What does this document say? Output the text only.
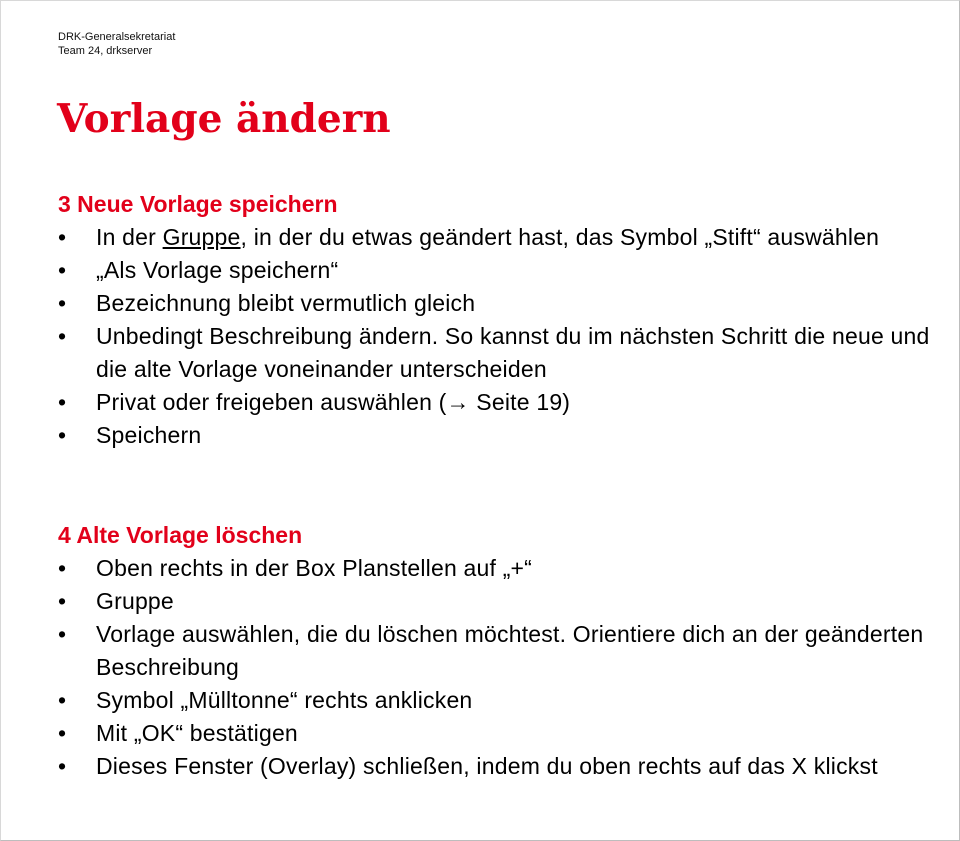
DRK-Generalsekretariat
Team 24, drkserver
Vorlage ändern
3 Neue Vorlage speichern
•	In der Gruppe, in der du etwas geändert hast, das Symbol „Stift“ auswählen
•	„Als Vorlage speichern“
•	Bezeichnung bleibt vermutlich gleich
•	Unbedingt Beschreibung ändern. So kannst du im nächsten Schritt die neue und die alte Vorlage voneinander unterscheiden
•	Privat oder freigeben auswählen (→ Seite 19)
•	Speichern
4 Alte Vorlage löschen
•	Oben rechts in der Box Planstellen auf „+“
•	Gruppe
•	Vorlage auswählen, die du löschen möchtest. Orientiere dich an der geänderten Beschreibung
•	Symbol „Mülltonne“ rechts anklicken
•	Mit „OK“ bestätigen
•	Dieses Fenster (Overlay) schließen, indem du oben rechts auf das X klickst
